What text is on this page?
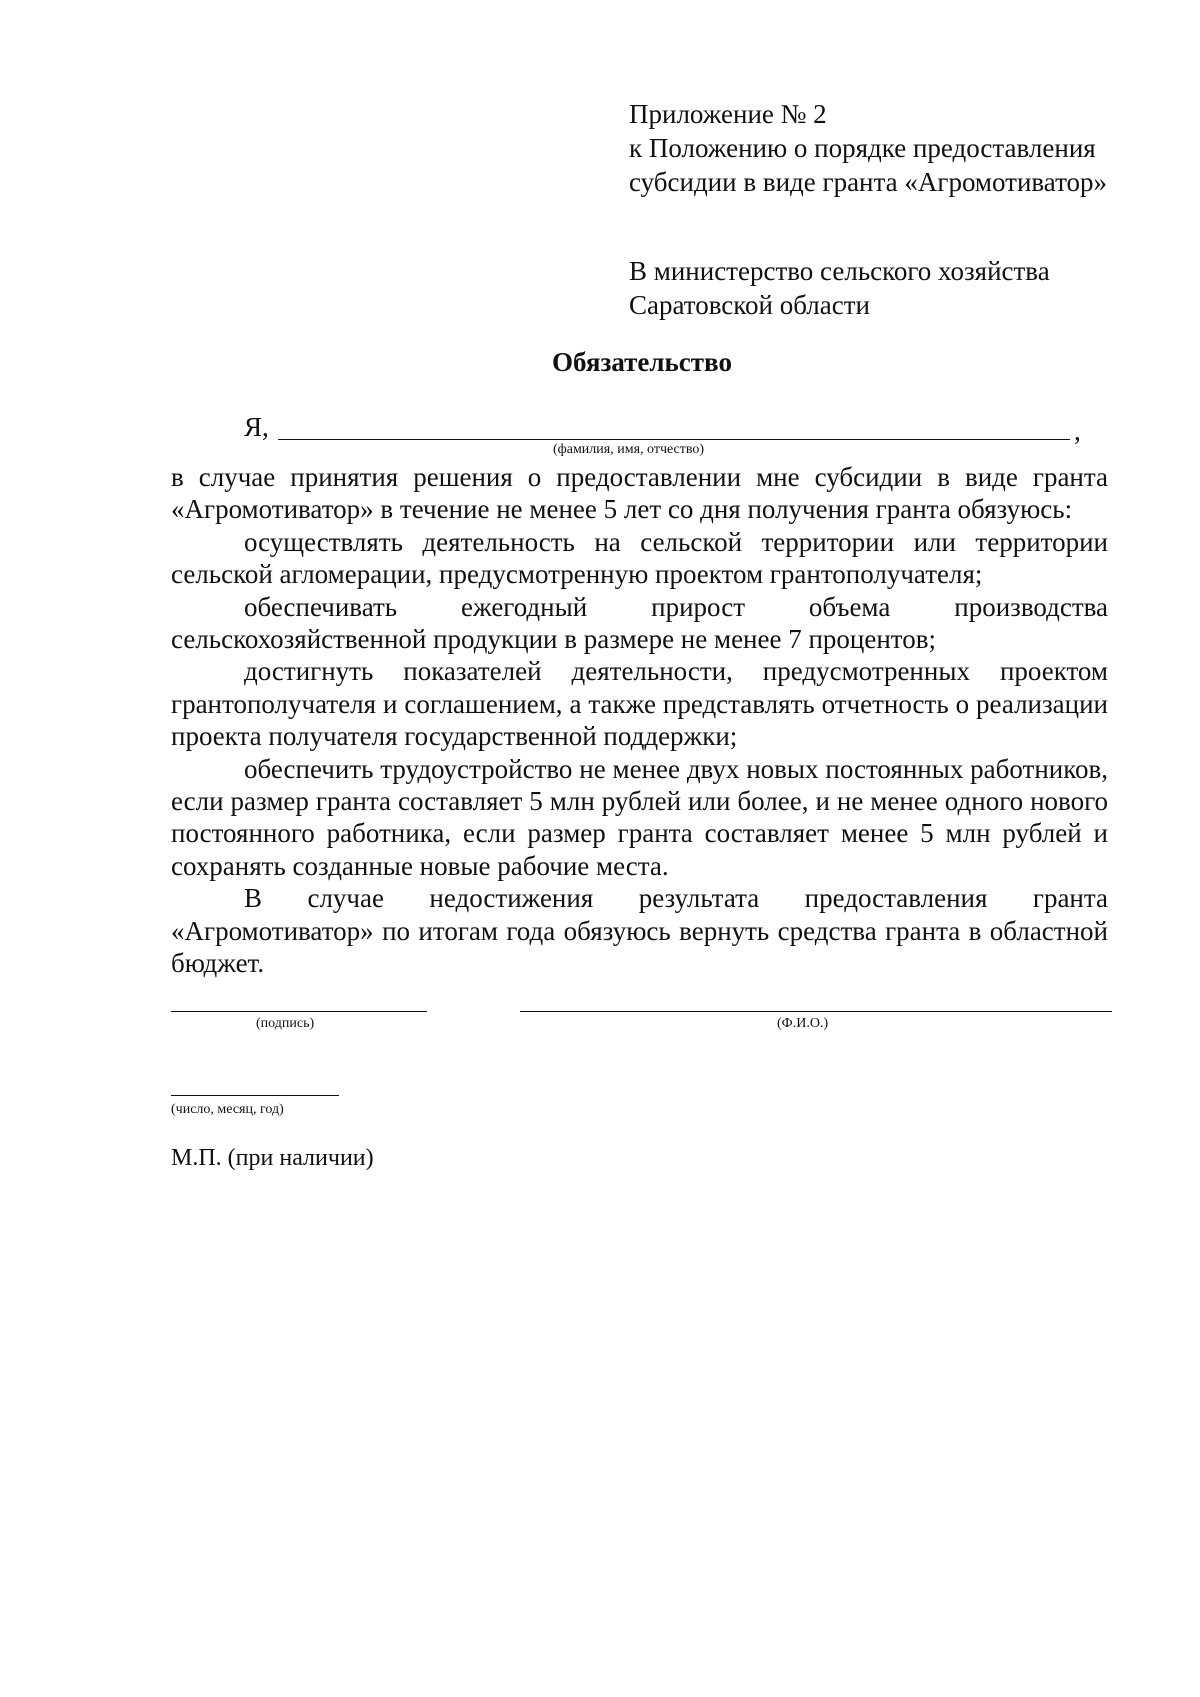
Приложение № 2
к Положению о порядке предоставления
субсидии в виде гранта «Агромотиватор»
В министерство сельского хозяйства
Саратовской области
Обязательство
Я,	,
(фамилия, имя, отчество)

в случае принятия решения о предоставлении мне субсидии в виде гранта «Агромотиватор» в течение не менее 5 лет со дня получения гранта обязуюсь:

осуществлять деятельность на сельской территории или территории сельской агломерации, предусмотренную проектом грантополучателя;

обеспечивать ежегодный прирост объема производства сельскохозяйственной продукции в размере не менее 7 процентов;

достигнуть показателей деятельности, предусмотренных проектом грантополучателя и соглашением, а также представлять отчетность о реализации проекта получателя государственной поддержки;

обеспечить трудоустройство не менее двух новых постоянных работников, если размер гранта составляет 5 млн рублей или более, и не менее одного нового постоянного работника, если размер гранта составляет менее 5 млн рублей и сохранять созданные новые рабочие места.

В случае недостижения результата предоставления гранта «Агромотиватор» по итогам года обязуюсь вернуть средства гранта в областной бюджет.

(подпись)	(Ф.И.О.)
(число, месяц, год)
М.П. (при наличии)
